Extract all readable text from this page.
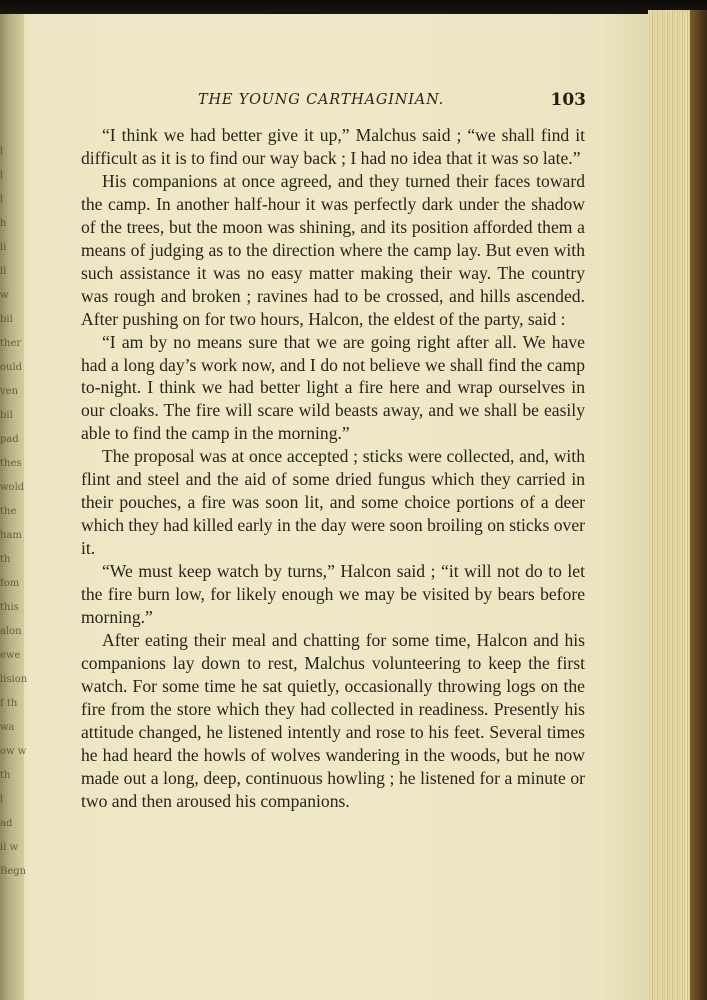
l
l
l
h
li
ll
w
bil
ther
ould
ven
bil
pad
thes
wold
the
ham
th
fom
this
alon
ewe
lision
f th
wa
ow w
th
l
ad
il w
Begn
THE YOUNG CARTHAGINIAN.	103

“I think we had better give it up,” Malchus said ; “we shall find it difficult as it is to find our way back ; I had no idea that it was so late.”

His companions at once agreed, and they turned their faces toward the camp. In another half-hour it was perfectly dark under the shadow of the trees, but the moon was shining, and its position afforded them a means of judging as to the direction where the camp lay. But even with such assistance it was no easy matter making their way. The country was rough and broken ; ravines had to be crossed, and hills ascended. After pushing on for two hours, Halcon, the eldest of the party, said :

“I am by no means sure that we are going right after all. We have had a long day’s work now, and I do not believe we shall find the camp to-night. I think we had better light a fire here and wrap ourselves in our cloaks. The fire will scare wild beasts away, and we shall be easily able to find the camp in the morning.”

The proposal was at once accepted ; sticks were collected, and, with flint and steel and the aid of some dried fungus which they carried in their pouches, a fire was soon lit, and some choice portions of a deer which they had killed early in the day were soon broiling on sticks over it.

“We must keep watch by turns,” Halcon said ; “it will not do to let the fire burn low, for likely enough we may be visited by bears before morning.”

After eating their meal and chatting for some time, Halcon and his companions lay down to rest, Malchus volunteering to keep the first watch. For some time he sat quietly, occasionally throwing logs on the fire from the store which they had collected in readiness. Presently his attitude changed, he listened intently and rose to his feet. Several times he had heard the howls of wolves wandering in the woods, but he now made out a long, deep, continuous howling ; he listened for a minute or two and then aroused his companions.
